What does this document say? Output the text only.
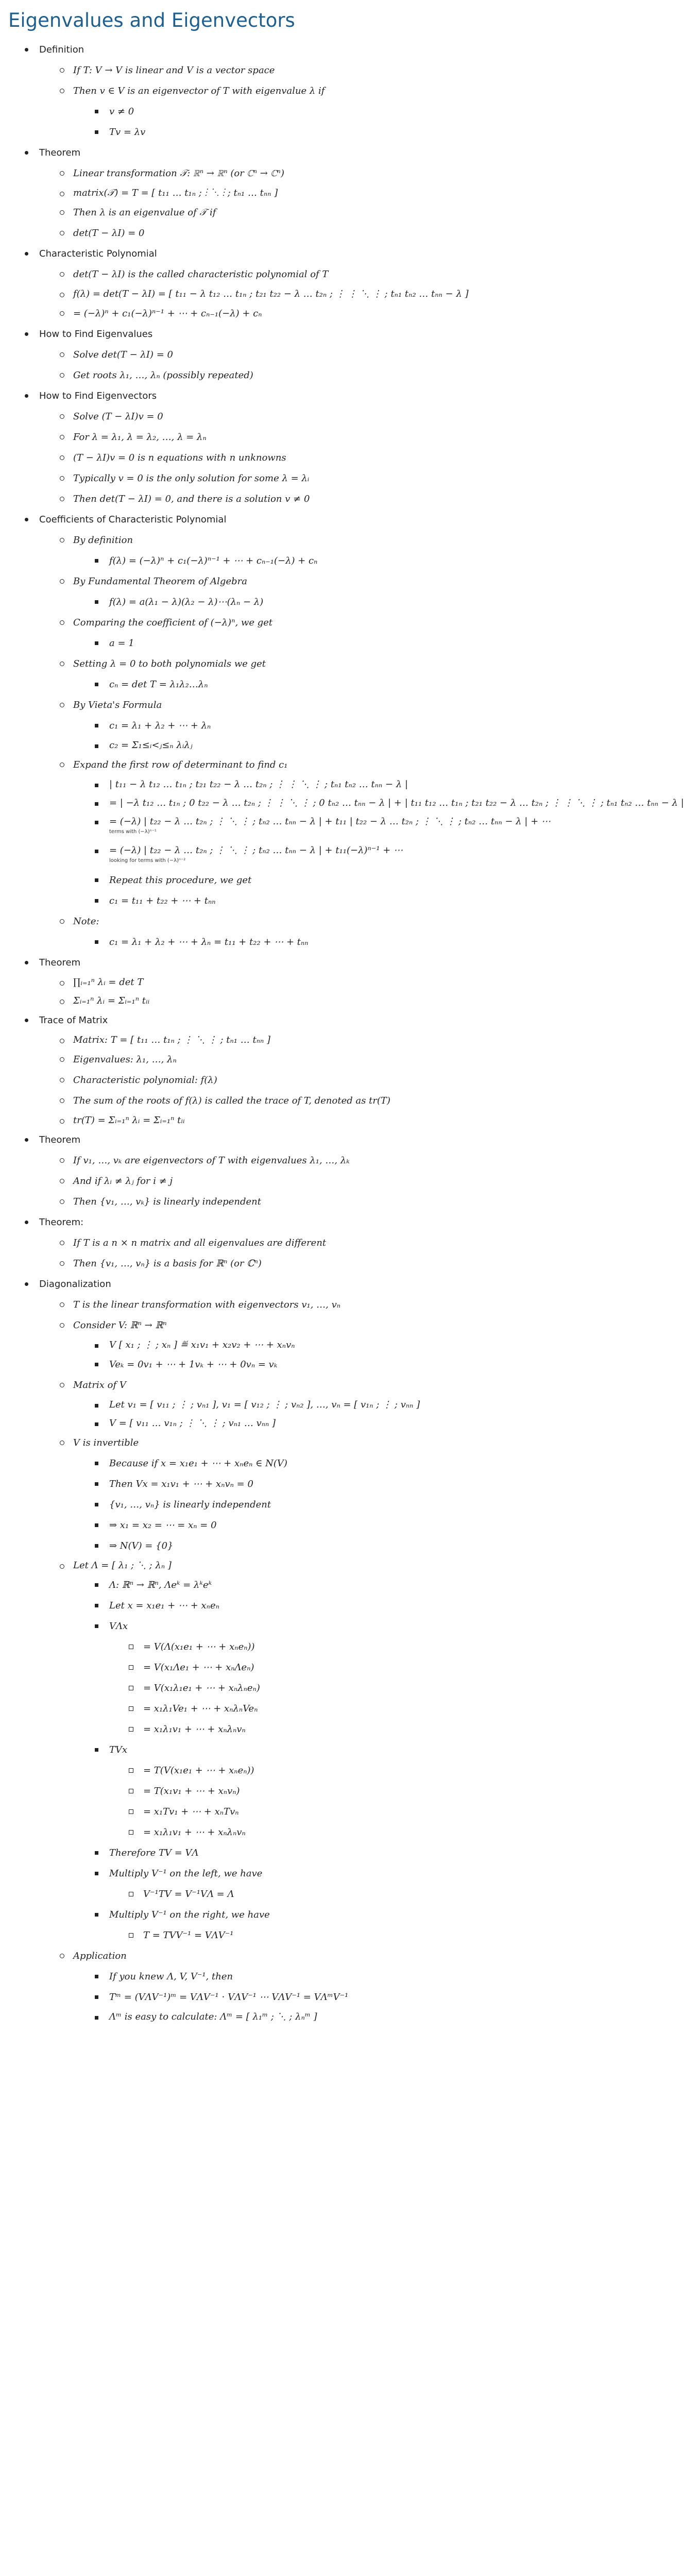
Eigenvalues and Eigenvectors
Definition
If T: V → V is linear and V is a vector space
Then v ∈ V is an eigenvector of T with eigenvalue λ if
v ≠ 0
Tv = λv
Theorem
Linear transformation 𝒯: ℝⁿ → ℝⁿ (or ℂⁿ → ℂⁿ)
matrix(𝒯) = T = [ t₁₁ … t₁ₙ ; ⋮ ⋱ ⋮ ; tₙ₁ … tₙₙ ]
Then λ is an eigenvalue of 𝒯 if
det(T − λI) = 0
Characteristic Polynomial
det(T − λI) is the called characteristic polynomial of T
f(λ) = det(T − λI) = [ t₁₁ − λ t₁₂ … t₁ₙ ; t₂₁ t₂₂ − λ … t₂ₙ ; ⋮ ⋮ ⋱ ⋮ ; tₙ₁ tₙ₂ … tₙₙ − λ ]
= (−λ)ⁿ + c₁(−λ)ⁿ⁻¹ + ⋯ + cₙ₋₁(−λ) + cₙ
How to Find Eigenvalues
Solve det(T − λI) = 0
Get roots λ₁, …, λₙ (possibly repeated)
How to Find Eigenvectors
Solve (T − λI)v = 0
For λ = λ₁, λ = λ₂, …, λ = λₙ
(T − λI)v = 0 is n equations with n unknowns
Typically v = 0 is the only solution for some λ = λᵢ
Then det(T − λI) = 0, and there is a solution v ≠ 0
Coefficients of Characteristic Polynomial
By definition
f(λ) = (−λ)ⁿ + c₁(−λ)ⁿ⁻¹ + ⋯ + cₙ₋₁(−λ) + cₙ
By Fundamental Theorem of Algebra
f(λ) = a(λ₁ − λ)(λ₂ − λ)⋯(λₙ − λ)
Comparing the coefficient of (−λ)ⁿ, we get
a = 1
Setting λ = 0 to both polynomials we get
cₙ = det T = λ₁λ₂…λₙ
By Vieta's Formula
c₁ = λ₁ + λ₂ + ⋯ + λₙ
c₂ = Σ₁≤ᵢ<ⱼ≤ₙ λᵢλⱼ
Expand the first row of determinant to find c₁
| t₁₁ − λ t₁₂ … t₁ₙ ; t₂₁ t₂₂ − λ … t₂ₙ ; ⋮ ⋮ ⋱ ⋮ ; tₙ₁ tₙ₂ … tₙₙ − λ |
= | −λ t₁₂ … t₁ₙ ; 0 t₂₂ − λ … t₂ₙ ; ⋮ ⋮ ⋱ ⋮ ; 0 tₙ₂ … tₙₙ − λ | + | t₁₁ t₁₂ … t₁ₙ ; t₂₁ t₂₂ − λ … t₂ₙ ; ⋮ ⋮ ⋱ ⋮ ; tₙ₁ tₙ₂ … tₙₙ − λ |
= (−λ) | t₂₂ − λ … t₂ₙ ; ⋮ ⋱ ⋮ ; tₙ₂ … tₙₙ − λ | + t₁₁ | t₂₂ − λ … t₂ₙ ; ⋮ ⋱ ⋮ ; tₙ₂ … tₙₙ − λ | + ⋯
terms with (−λ)ⁿ⁻¹
= (−λ) | t₂₂ − λ … t₂ₙ ; ⋮ ⋱ ⋮ ; tₙ₂ … tₙₙ − λ | + t₁₁(−λ)ⁿ⁻¹ + ⋯
looking for terms with (−λ)ⁿ⁻²
Repeat this procedure, we get
c₁ = t₁₁ + t₂₂ + ⋯ + tₙₙ
Note:
c₁ = λ₁ + λ₂ + ⋯ + λₙ = t₁₁ + t₂₂ + ⋯ + tₙₙ
Theorem
∏ᵢ₌₁ⁿ λᵢ = det T
Σᵢ₌₁ⁿ λᵢ = Σᵢ₌₁ⁿ tᵢᵢ
Trace of Matrix
Matrix: T = [ t₁₁ … t₁ₙ ; ⋮ ⋱ ⋮ ; tₙ₁ … tₙₙ ]
Eigenvalues: λ₁, …, λₙ
Characteristic polynomial: f(λ)
The sum of the roots of f(λ) is called the trace of T, denoted as tr(T)
tr(T) = Σᵢ₌₁ⁿ λᵢ = Σᵢ₌₁ⁿ tᵢᵢ
Theorem
If v₁, …, vₖ are eigenvectors of T with eigenvalues λ₁, …, λₖ
And if λᵢ ≠ λⱼ for i ≠ j
Then {v₁, …, vₖ} is linearly independent
Theorem:
If T is a n × n matrix and all eigenvalues are different
Then {v₁, …, vₙ} is a basis for ℝⁿ (or ℂⁿ)
Diagonalization
T is the linear transformation with eigenvectors v₁, …, vₙ
Consider V: ℝⁿ → ℝⁿ
V [ x₁ ; ⋮ ; xₙ ] ≝ x₁v₁ + x₂v₂ + ⋯ + xₙvₙ
Veₖ = 0v₁ + ⋯ + 1vₖ + ⋯ + 0vₙ = vₖ
Matrix of V
Let v₁ = [ v₁₁ ; ⋮ ; vₙ₁ ], v₁ = [ v₁₂ ; ⋮ ; vₙ₂ ], …, vₙ = [ v₁ₙ ; ⋮ ; vₙₙ ]
V = [ v₁₁ … v₁ₙ ; ⋮ ⋱ ⋮ ; vₙ₁ … vₙₙ ]
V is invertible
Because if x = x₁e₁ + ⋯ + xₙeₙ ∈ N(V)
Then Vx = x₁v₁ + ⋯ + xₙvₙ = 0
{v₁, …, vₙ} is linearly independent
⇒ x₁ = x₂ = ⋯ = xₙ = 0
⇒ N(V) = {0}
Let Λ = [ λ₁ ; ⋱ ; λₙ ]
Λ: ℝⁿ → ℝⁿ, Λeᵏ = λᵏeᵏ
Let x = x₁e₁ + ⋯ + xₙeₙ
VΛx
= V(Λ(x₁e₁ + ⋯ + xₙeₙ))
= V(x₁Λe₁ + ⋯ + xₙΛeₙ)
= V(x₁λ₁e₁ + ⋯ + xₙλₙeₙ)
= x₁λ₁Ve₁ + ⋯ + xₙλₙVeₙ
= x₁λ₁v₁ + ⋯ + xₙλₙvₙ
TVx
= T(V(x₁e₁ + ⋯ + xₙeₙ))
= T(x₁v₁ + ⋯ + xₙvₙ)
= x₁Tv₁ + ⋯ + xₙTvₙ
= x₁λ₁v₁ + ⋯ + xₙλₙvₙ
Therefore TV = VΛ
Multiply V⁻¹ on the left, we have
V⁻¹TV = V⁻¹VΛ = Λ
Multiply V⁻¹ on the right, we have
T = TVV⁻¹ = VΛV⁻¹
Application
If you knew Λ, V, V⁻¹, then
Tᵐ = (VΛV⁻¹)ᵐ = VΛV⁻¹ ⋅ VΛV⁻¹ ⋯ VΛV⁻¹ = VΛᵐV⁻¹
Λᵐ is easy to calculate: Λᵐ = [ λ₁ᵐ ; ⋱ ; λₙᵐ ]
